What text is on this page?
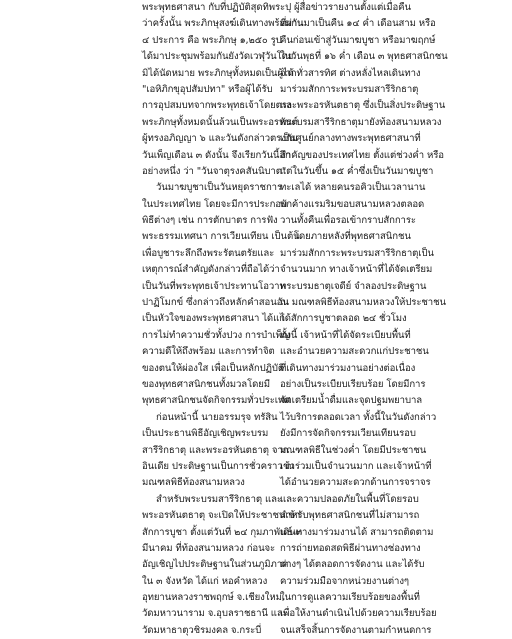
พระพุทธศาสนา กับที่ปฏิบัติสุดทิพระปุ
ว่าครั้งนั้น พระภิกษุสงฆ์เดินทางพร้อมกัน
๔ ประการ คือ พระภิกษุ ๑,๒๕๐ รูป
ได้มาประชุมพร้อมกันยังวัดเวฬุวันโดย
มิได้นัดหมาย พระภิกษุทั้งหมดเป็นผู้ได้
"เอหิภิกขุอุปสัมปทา" หรือผู้ได้รับ
การอุปสมบทจากพระพุทธเจ้าโดยตรง
พระภิกษุทั้งหมดนั้นล้วนเป็นพระอรหันต์
ผู้ทรงอภิญญา ๖ และวันดังกล่าวตรงกับ
วันเพ็ญเดือน ๓ ดังนั้น จึงเรียกวันนี้อีก
อย่างหนึ่ง ว่า "วันจาตุรงคสันนิบาต"
วันมาฆบูชาเป็นวันหยุดราชการ
ในประเทศไทย โดยจะมีการประกอบ
พิธีต่างๆ เช่น การตักบาตร การฟัง
พระธรรมเทศนา การเวียนเทียน เป็นต้น
เพื่อบูชาระลึกถึงพระรัตนตรัยและ
เหตุการณ์สำคัญดังกล่าวที่ถือได้ว่า
เป็นวันที่พระพุทธเจ้าประทานโอวาท
ปาฏิโมกข์ ซึ่งกล่าวถึงหลักคำสอนอัน
เป็นหัวใจของพระพุทธศาสนา ได้แก่
การไม่ทำความชั่วทั้งปวง การบำเพ็ญ
ความดีให้ถึงพร้อม และการทำจิต
ของตนให้ผ่องใส เพื่อเป็นหลักปฏิบัติ
ของพุทธศาสนิกชนทั้งมวลโดยมี
พุทธศาสนิกชนจัดกิจกรรมทั่วประเทศ
ก่อนหน้านี้ นายอรรมรุจ ทรัสิน
เป็นประธานพิธีอัญเชิญพระบรม
สารีริกธาตุ และพระอรหันตธาตุ จาก
อินเดีย ประดิษฐานเป็นการชั่วคราว ณ
มณฑลพิธีท้องสนามหลวง
สำหรับพระบรมสารีริกธาตุ และ
พระอรหันตธาตุ จะเปิดให้ประชาชนเข้า
สักการบูชา ตั้งแต่วันที่ ๒๔ กุมภาพันธ์-๓
มีนาคม ที่ท้องสนามหลวง ก่อนจะ
อัญเชิญไปประดิษฐานในส่วนภูมิภาค
ใน ๓ จังหวัด ได้แก่ หอคำหลวง
อุทยานหลวงราชพฤกษ์ จ.เชียงใหม่,
วัดมหาวนาราม จ.อุบลราชธานี และ
วัดมหาธาตุวชิรมงคล จ.กระบี่
ผู้สื่อข่าวรายงานตั้งแต่เมื่อคืน
ที่ผ่านมาเป็นคืน ๑๔ ค่ำ เดือนสาม หรือ
คืนก่อนเข้าสู่วันมาฆบูชา หรือมาฆฤกษ์
ในวันพุธที่ ๑๖ ค่ำ เดือน ๓ พุทธศาสนิกชน
จากทั่วสารทิศ ต่างหลั่งไหลเดินทาง
มาร่วมสักการะพระบรมสารีริกธาตุ
และพระอรหันตธาตุ ซึ่งเป็นสิ่งประดิษฐาน
พระบรมสารีริกธาตุมายังท้องสนามหลวง
เป็นศูนย์กลางทางพระพุทธศาสนาที่
สำคัญของประเทศไทย ตั้งแต่ช่วงค่ำ หรือ
แต่ในวันขึ้น ๑๕ ค่ำซึ่งเป็นวันมาฆบูชา
ทะเลได้ หลายคนรอคิวเป็นเวลานาน
พักค้างแรมริมขอบสนามหลวงตลอด
วานทั้งคืนเพื่อรอเข้ากราบสักการะ
โดยภายหลังที่พุทธศาสนิกชน
มาร่วมสักการะพระบรมสารีริกธาตุเป็น
จำนวนมาก ทางเจ้าหน้าที่ได้จัดเตรียม
พระบรมธาตุเจดีย์ จำลองประดิษฐาน
ณ มณฑลพิธีท้องสนามหลวงให้ประชาชน
ได้สักการบูชาตลอด ๒๔ ชั่วโมง
ทั้งนี้ เจ้าหน้าที่ได้จัดระเบียบพื้นที่
และอำนวยความสะดวกแก่ประชาชน
ที่เดินทางมาร่วมงานอย่างต่อเนื่อง
อย่างเป็นระเบียบเรียบร้อย โดยมีการ
จัดเตรียมน้ำดื่มและจุดปฐมพยาบาล
ไว้บริการตลอดเวลา ทั้งนี้ในวันดังกล่าว
ยังมีการจัดกิจกรรมเวียนเทียนรอบ
มณฑลพิธีในช่วงค่ำ โดยมีประชาชน
เข้าร่วมเป็นจำนวนมาก และเจ้าหน้าที่
ได้อำนวยความสะดวกด้านการจราจร
และความปลอดภัยในพื้นที่โดยรอบ
สำหรับพุทธศาสนิกชนที่ไม่สามารถ
เดินทางมาร่วมงานได้ สามารถติดตาม
การถ่ายทอดสดพิธีผ่านทางช่องทาง
ต่างๆ ได้ตลอดการจัดงาน และได้รับ
ความร่วมมือจากหน่วยงานต่างๆ
ในการดูแลความเรียบร้อยของพื้นที่
เพื่อให้งานดำเนินไปด้วยความเรียบร้อย
จนเสร็จสิ้นการจัดงานตามกำหนดการ
